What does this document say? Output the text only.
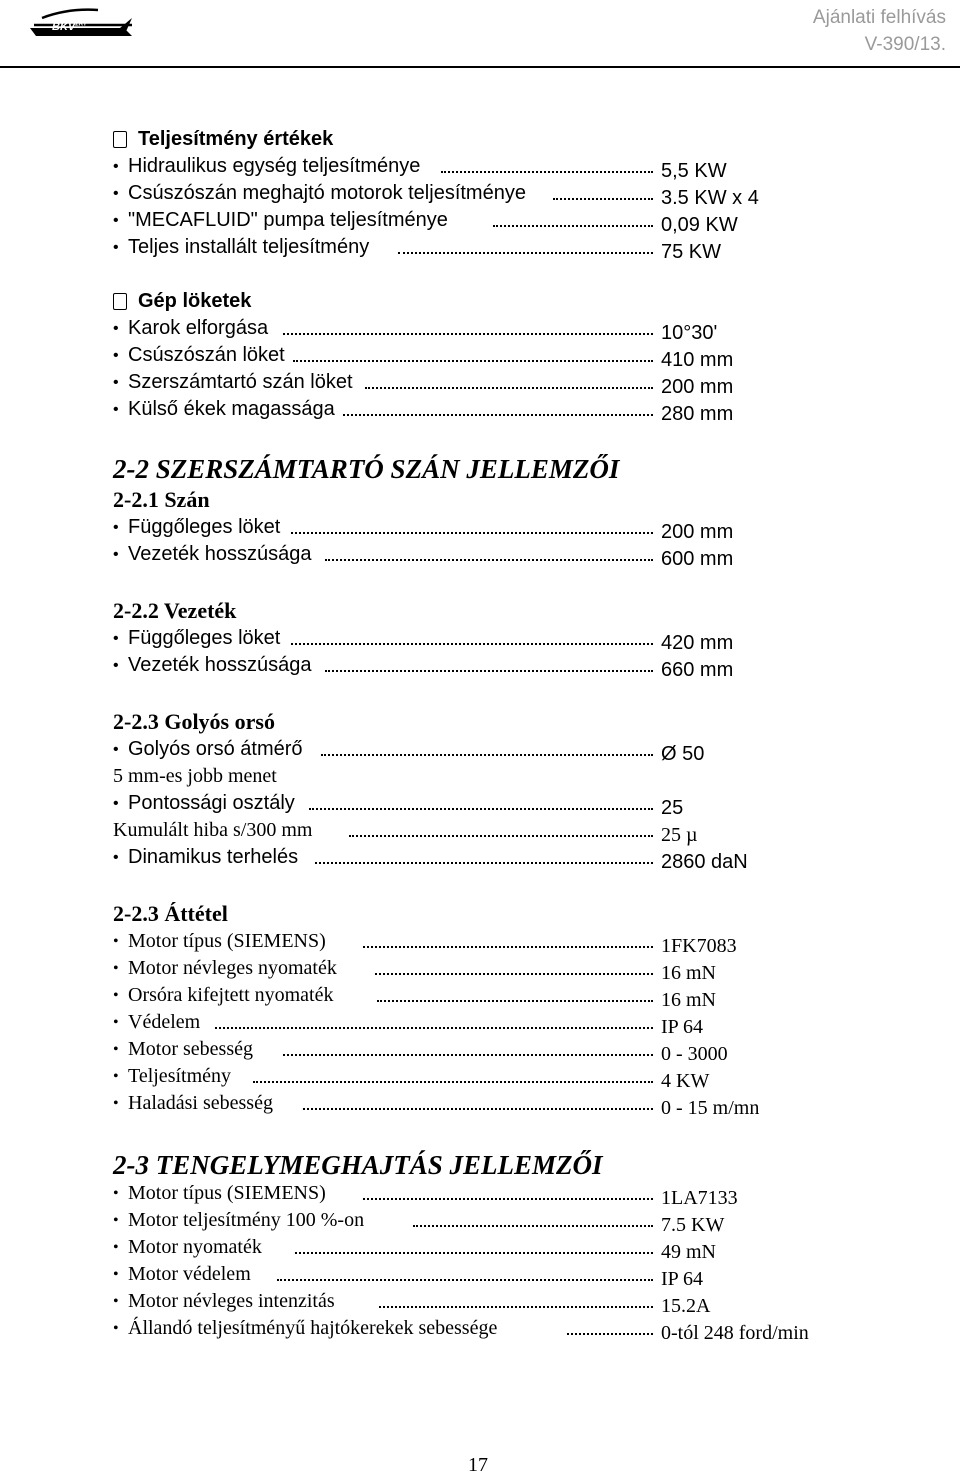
$BKV^{ZRT}$	Ajánlati felhívás
V-390/13.
Teljesítmény értékek
• Hidraulikus egység teljesítménye	5,5 KW
• Csúszószán meghajtó motorok teljesítménye	3.5 KW x 4
• "MECAFLUID" pumpa teljesítménye	0,09 KW
• Teljes installált teljesítmény	75 KW
Gép löketek
• Karok elforgása	10°30'
• Csúszószán löket	410 mm
• Szerszámtartó szán löket	200 mm
• Külső ékek magassága	280 mm
2-2 SZERSZÁMTARTÓ SZÁN JELLEMZŐI
2-2.1 Szán
• Függőleges löket	200 mm
• Vezeték hosszúsága	600 mm
2-2.2 Vezeték
• Függőleges löket	420 mm
• Vezeték hosszúsága	660 mm
2-2.3 Golyós orsó
• Golyós orsó átmérő	Ø 50
5 mm-es jobb menet
• Pontossági osztály	25
Kumulált hiba s/300 mm	25 µ
• Dinamikus terhelés	2860 daN
2-2.3 Áttétel
• Motor típus (SIEMENS)	1FK7083
• Motor névleges nyomaték	16 mN
• Orsóra kifejtett nyomaték	16 mN
• Védelem	IP 64
• Motor sebesség	0 - 3000
• Teljesítmény	4 KW
• Haladási sebesség	0 - 15 m/mn
2-3 TENGELYMEGHAJTÁS JELLEMZŐI
• Motor típus (SIEMENS)	1LA7133
• Motor teljesítmény 100 %-on	7.5 KW
• Motor nyomaték	49 mN
• Motor védelem	IP 64
• Motor névleges intenzitás	15.2A
• Állandó teljesítményű hajtókerekek sebessége	0-tól 248 ford/min
17
